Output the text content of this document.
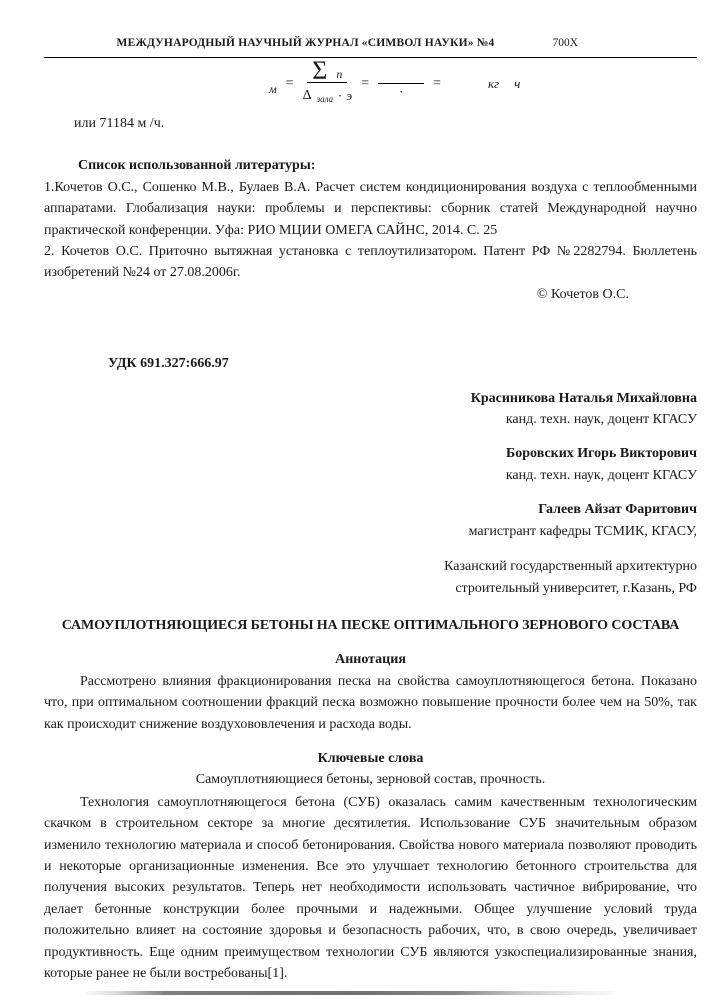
МЕЖДУНАРОДНЫЙ НАУЧНЫЙ ЖУРНАЛ «СИМВОЛ НАУКИ» №4	700X
$м = \frac{\text{Σ п}}{\text{Δ зала · э}}$ = · =	кг ч

или 71184 м /ч.

Список использованной литературы:

1.Кочетов О.С., Сошенко М.В., Булаев В.А. Расчет систем кондиционирования воздуха с теплообменными аппаратами. Глобализация науки: проблемы и перспективы: сборник статей Международной научно практической конференции. Уфа: РИО МЦИИ ОМЕГА САЙНС, 2014. С. 25

2. Кочетов О.С. Приточно вытяжная установка с теплоутилизатором. Патент РФ №2282794. Бюллетень изобретений №24 от 27.08.2006г.

© Кочетов О.С.

УДК 691.327:666.97

Красиникова Наталья Михайловна

канд. техн. наук, доцент КГАСУ

Боровских Игорь Викторович

канд. техн. наук, доцент КГАСУ

Галеев Айзат Фаритович

магистрант кафедры ТСМИК, КГАСУ,

Казанский государственный архитектурно

строительный университет, г.Казань, РФ

САМОУПЛОТНЯЮЩИЕСЯ БЕТОНЫ НА ПЕСКЕ ОПТИМАЛЬНОГО ЗЕРНОВОГО СОСТАВА

Аннотация

Рассмотрено влияния фракционирования песка на свойства самоуплотняющегося бетона. Показано что, при оптимальном соотношении фракций песка возможно повышение прочности более чем на 50%, так как происходит снижение воздухововлечения и расхода воды.

Ключевые слова

Самоуплотняющиеся бетоны, зерновой состав, прочность.

Технология самоуплотняющегося бетона (СУБ) оказалась самим качественным технологическим скачком в строительном секторе за многие десятилетия. Использование СУБ значительным образом изменило технологию материала и способ бетонирования. Свойства нового материала позволяют проводить и некоторые организационные изменения. Все это улучшает технологию бетонного строительства для получения высоких результатов. Теперь нет необходимости использовать частичное вибрирование, что делает бетонные конструкции более прочными и надежными. Общее улучшение условий труда положительно влияет на состояние здоровья и безопасность рабочих, что, в свою очередь, увеличивает продуктивность. Еще одним преимуществом технологии СУБ являются узкоспециализированные знания, которые ранее не были востребованы[1].
